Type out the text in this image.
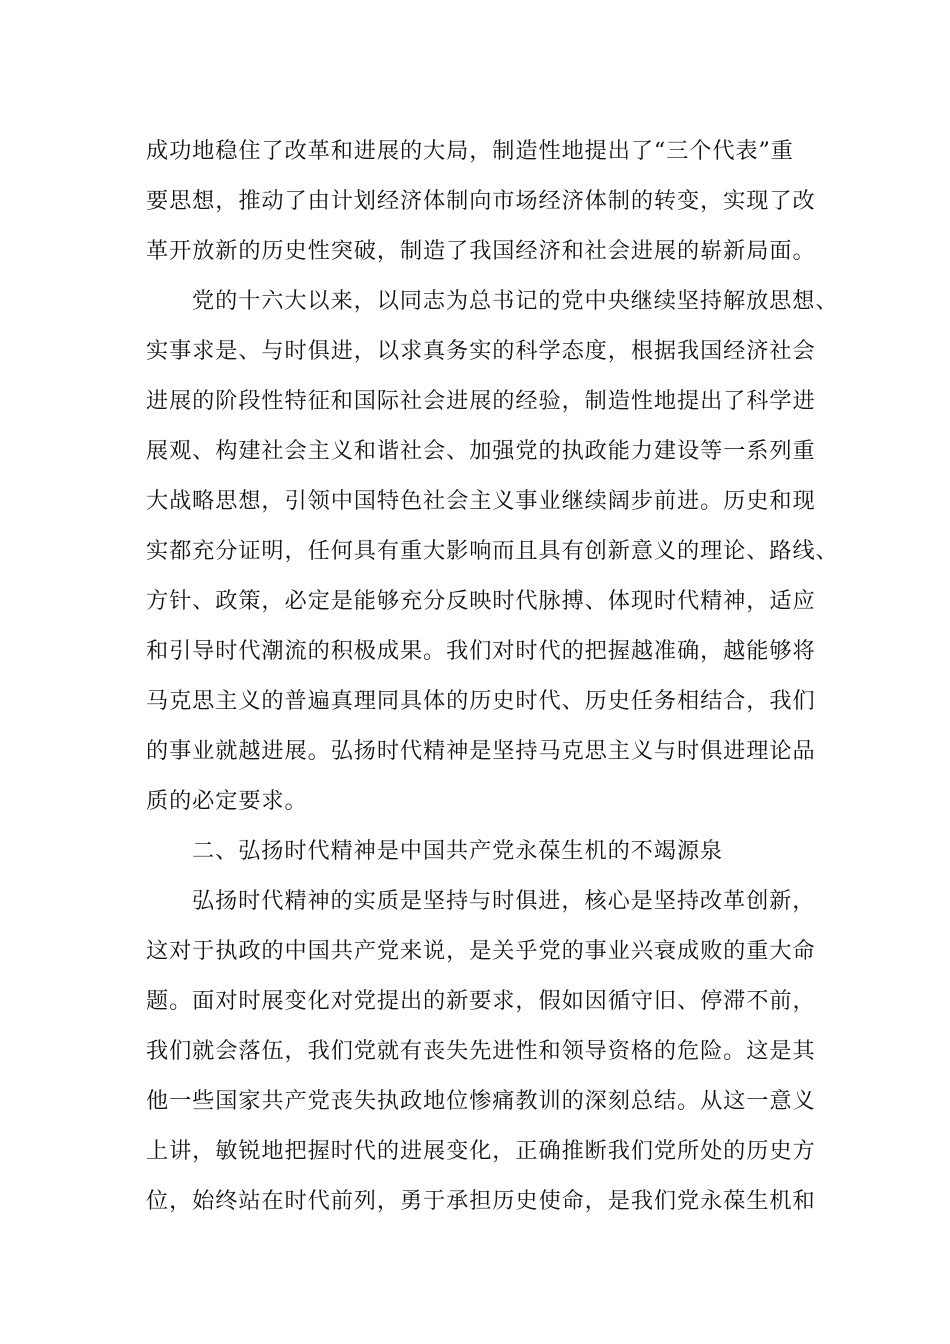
成功地稳住了改革和进展的大局，制造性地提出了“三个代表”重
要思想，推动了由计划经济体制向市场经济体制的转变，实现了改
革开放新的历史性突破，制造了我国经济和社会进展的崭新局面。
党的十六大以来，以同志为总书记的党中央继续坚持解放思想、
实事求是、与时俱进，以求真务实的科学态度，根据我国经济社会
进展的阶段性特征和国际社会进展的经验，制造性地提出了科学进
展观、构建社会主义和谐社会、加强党的执政能力建设等一系列重
大战略思想，引领中国特色社会主义事业继续阔步前进。历史和现
实都充分证明，任何具有重大影响而且具有创新意义的理论、路线、
方针、政策，必定是能够充分反映时代脉搏、体现时代精神，适应
和引导时代潮流的积极成果。我们对时代的把握越准确，越能够将
马克思主义的普遍真理同具体的历史时代、历史任务相结合，我们
的事业就越进展。弘扬时代精神是坚持马克思主义与时俱进理论品
质的必定要求。
二、弘扬时代精神是中国共产党永葆生机的不竭源泉
弘扬时代精神的实质是坚持与时俱进，核心是坚持改革创新，
这对于执政的中国共产党来说，是关乎党的事业兴衰成败的重大命
题。面对时展变化对党提出的新要求，假如因循守旧、停滞不前，
我们就会落伍，我们党就有丧失先进性和领导资格的危险。这是其
他一些国家共产党丧失执政地位惨痛教训的深刻总结。从这一意义
上讲，敏锐地把握时代的进展变化，正确推断我们党所处的历史方
位，始终站在时代前列，勇于承担历史使命，是我们党永葆生机和
